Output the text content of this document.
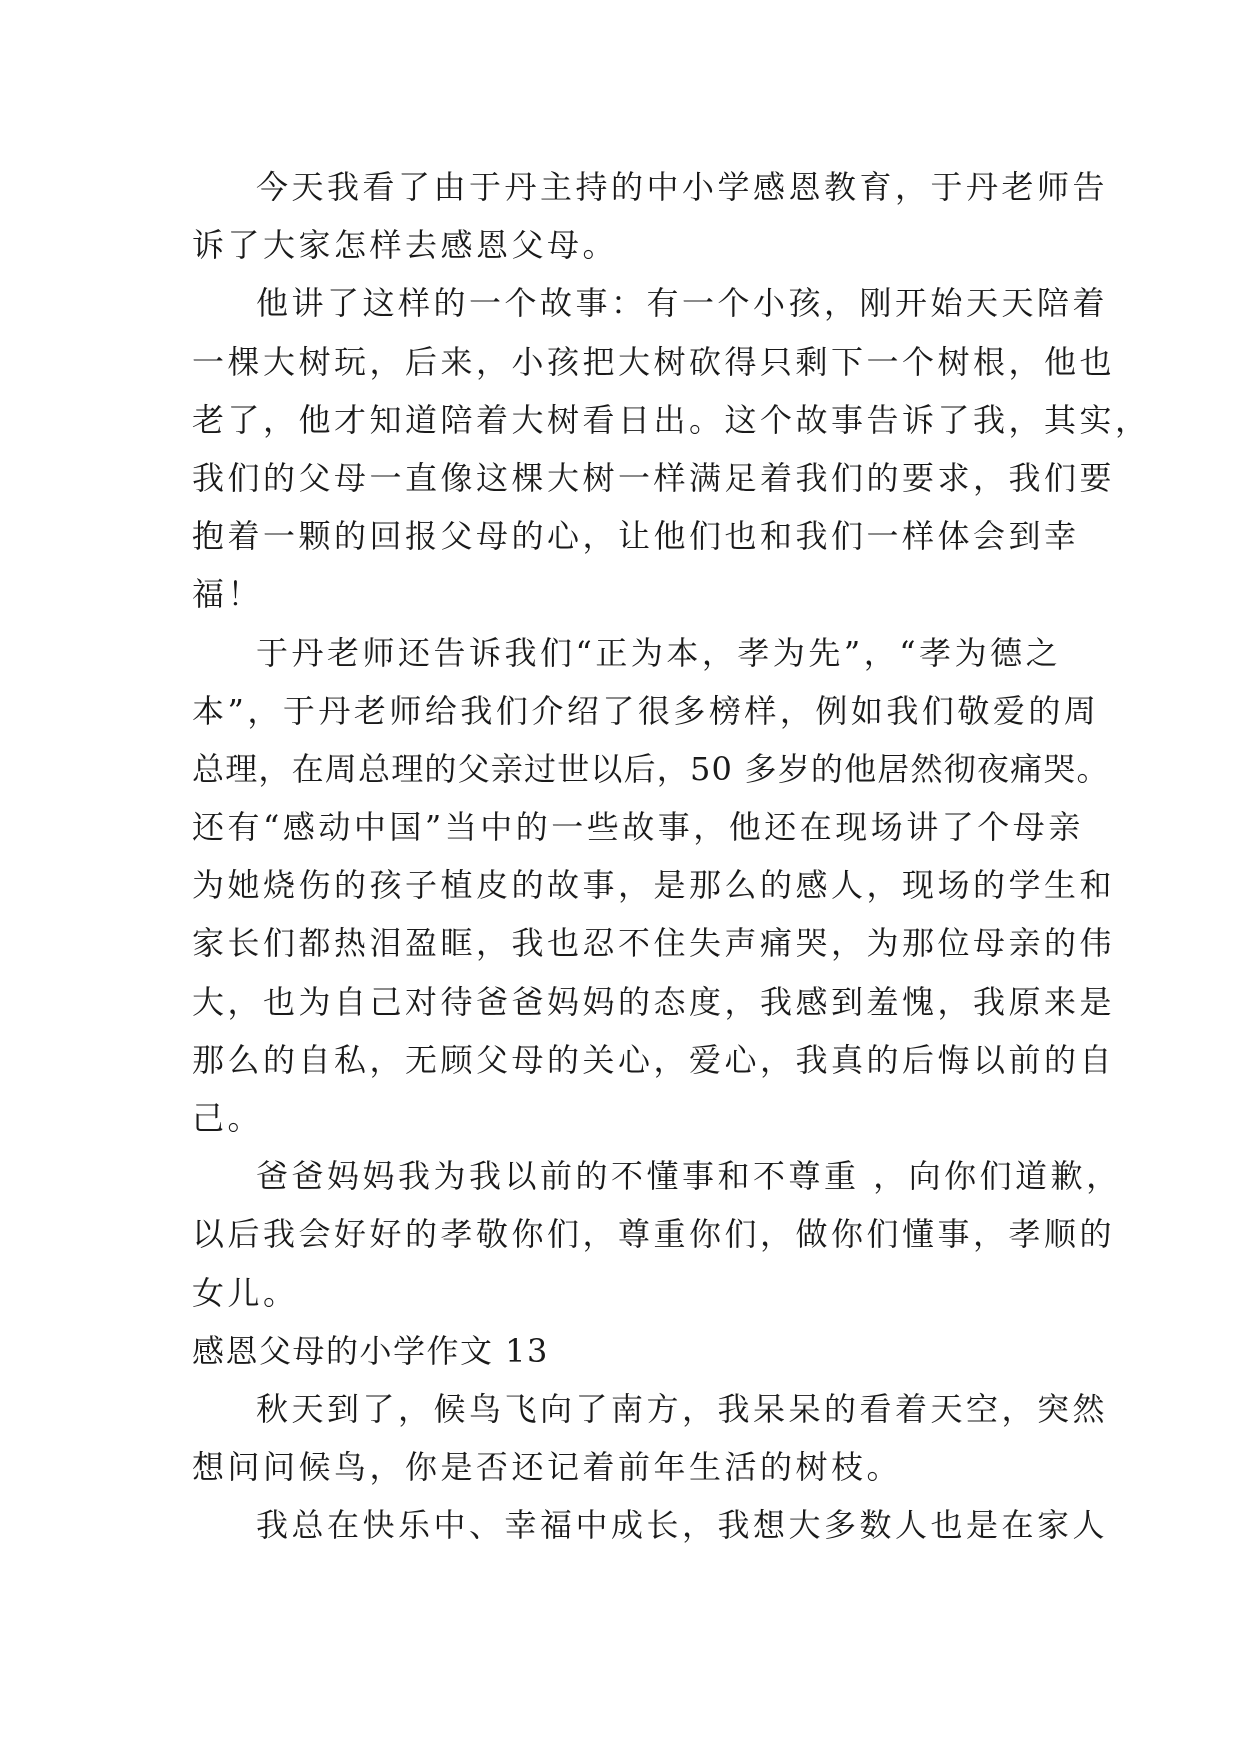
今天我看了由于丹主持的中小学感恩教育，于丹老师告
诉了大家怎样去感恩父母。
他讲了这样的一个故事：有一个小孩，刚开始天天陪着
一棵大树玩，后来，小孩把大树砍得只剩下一个树根，他也
老了，他才知道陪着大树看日出。这个故事告诉了我，其实，
我们的父母一直像这棵大树一样满足着我们的要求，我们要
抱着一颗的回报父母的心，让他们也和我们一样体会到幸
福！
于丹老师还告诉我们“正为本，孝为先”，“孝为德之
本”，于丹老师给我们介绍了很多榜样，例如我们敬爱的周
总理，在周总理的父亲过世以后，50 多岁的他居然彻夜痛哭。
还有“感动中国”当中的一些故事，他还在现场讲了个母亲
为她烧伤的孩子植皮的故事，是那么的感人，现场的学生和
家长们都热泪盈眶，我也忍不住失声痛哭，为那位母亲的伟
大，也为自己对待爸爸妈妈的态度，我感到羞愧，我原来是
那么的自私，无顾父母的关心，爱心，我真的后悔以前的自
己。
爸爸妈妈我为我以前的不懂事和不尊重 ，向你们道歉，
以后我会好好的孝敬你们，尊重你们，做你们懂事，孝顺的
女儿。
感恩父母的小学作文 13
秋天到了，候鸟飞向了南方，我呆呆的看着天空，突然
想问问候鸟，你是否还记着前年生活的树枝。
我总在快乐中、幸福中成长，我想大多数人也是在家人
